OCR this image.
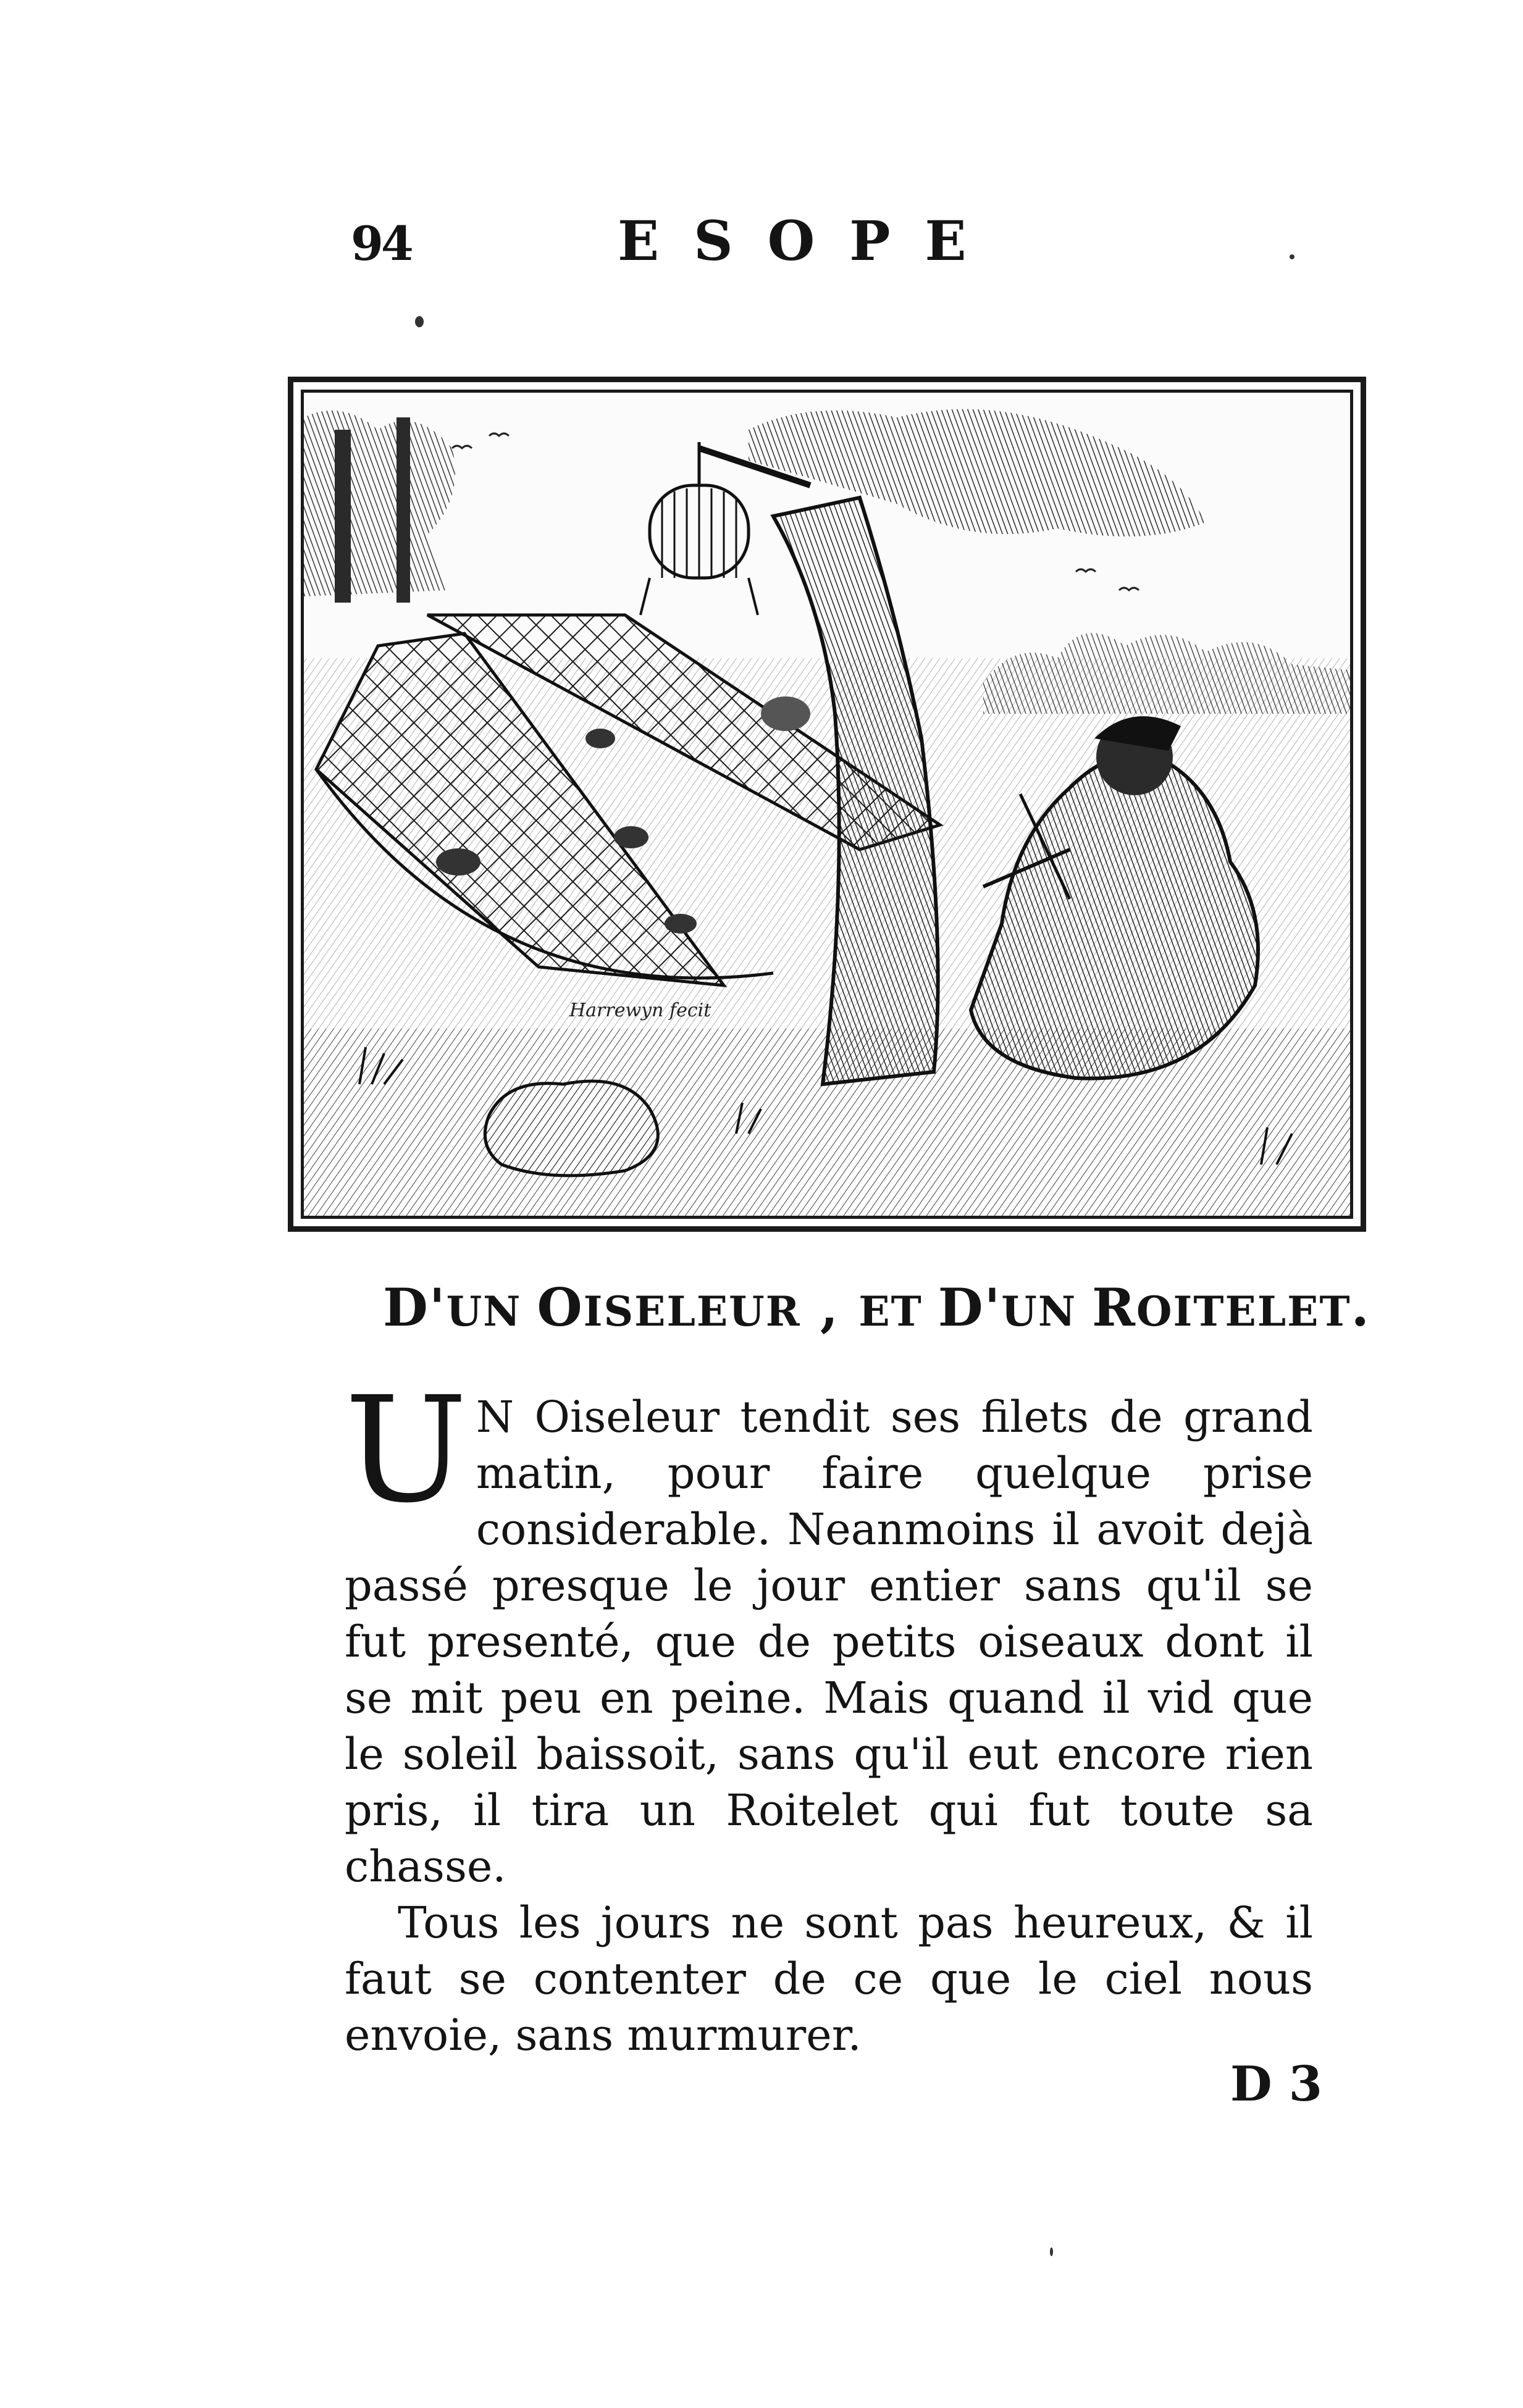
94	ESOPE
Harrewyn fecit
D'UN OISELEUR , ET D'UN ROITELET.

U N Oiseleur tendit ses filets de grand matin, pour faire quelque prise considerable. Neanmoins il avoit dejà passé presque le jour entier sans qu'il se fut presenté, que de petits oiseaux dont il se mit peu en peine. Mais quand il vid que le soleil baissoit, sans qu'il eut encore rien pris, il tira un Roitelet qui fut toute sa chasse.

Tous les jours ne sont pas heureux, & il faut se contenter de ce que le ciel nous envoie, sans murmurer.

D 3
